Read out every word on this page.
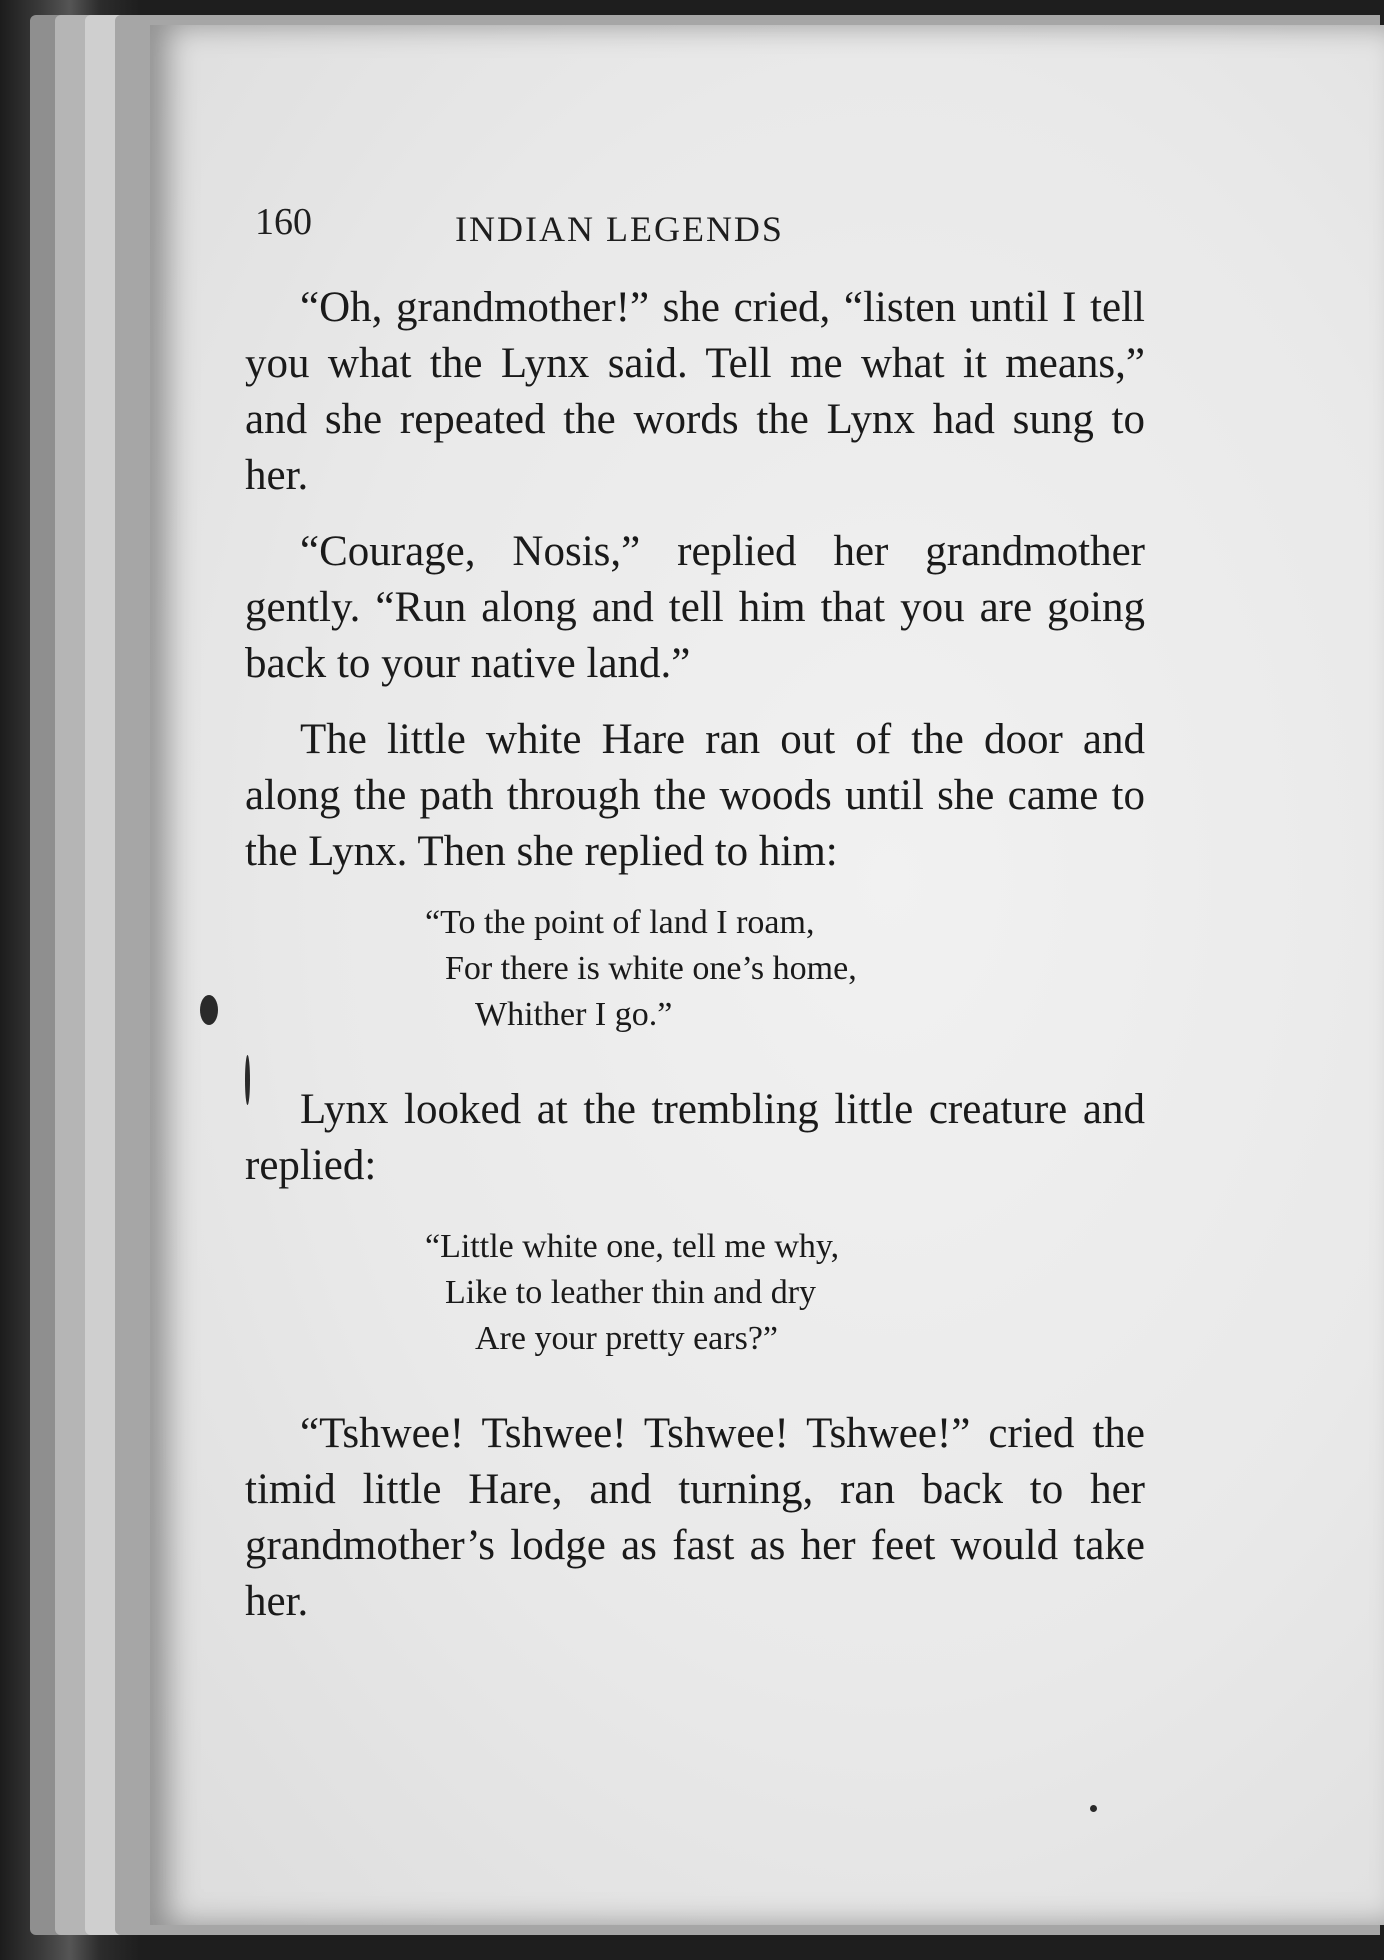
160	INDIAN LEGENDS

“Oh, grandmother!” she cried, “listen until I tell you what the Lynx said. Tell me what it means,” and she repeated the words the Lynx had sung to her.

“Courage, Nosis,” replied her grandmother gently. “Run along and tell him that you are going back to your native land.”

The little white Hare ran out of the door and along the path through the woods until she came to the Lynx. Then she replied to him:

“To the point of land I roam,
For there is white one’s home,
Whither I go.”

Lynx looked at the trembling little creature and replied:

“Little white one, tell me why,
Like to leather thin and dry
Are your pretty ears?”

“Tshwee! Tshwee! Tshwee! Tshwee!” cried the timid little Hare, and turning, ran back to her grandmother’s lodge as fast as her feet would take her.
